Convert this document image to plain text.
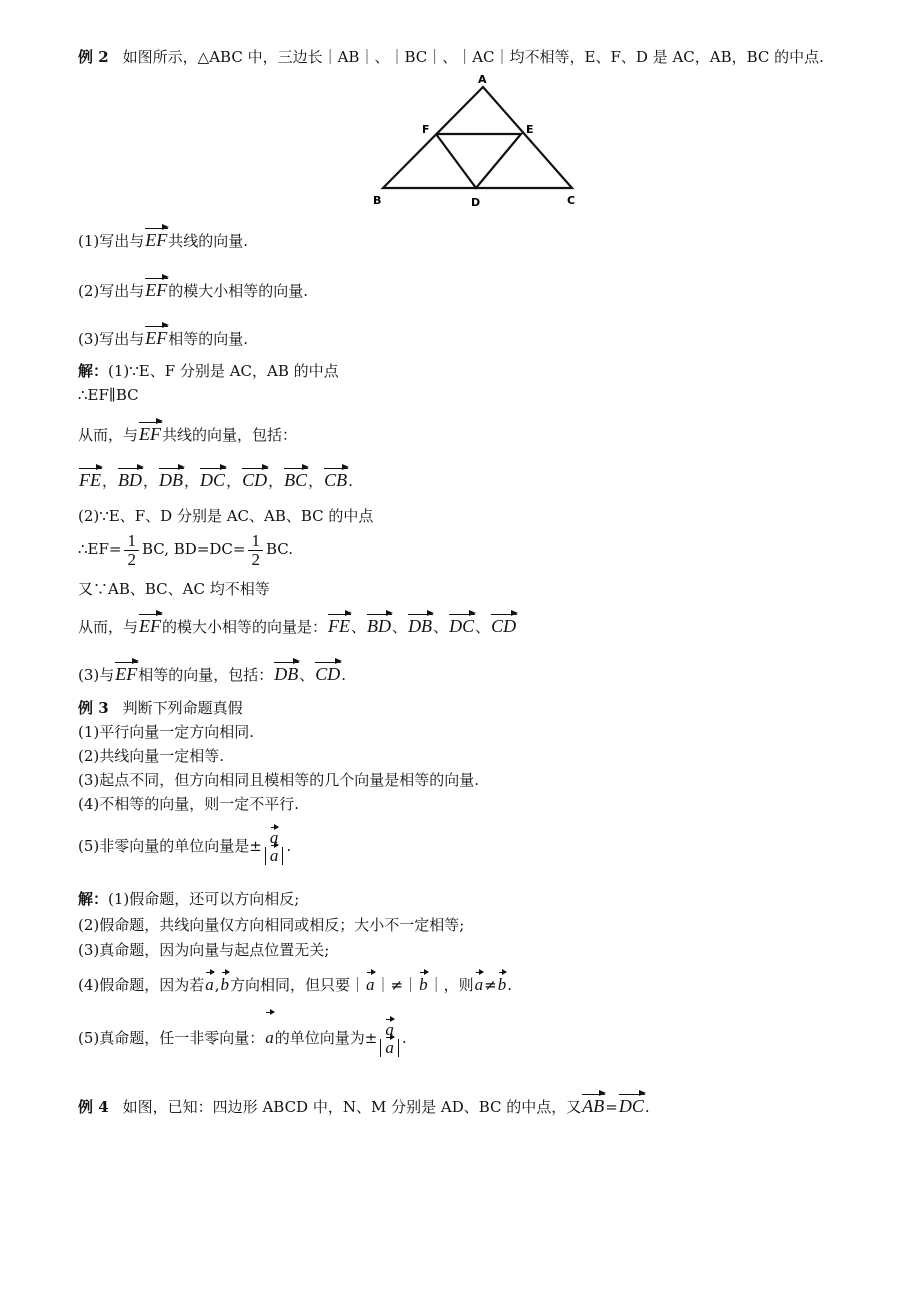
例 2 如图所示，△ABC 中，三边长｜AB｜、｜BC｜、｜AC｜均不相等，E、F、D 是 AC，AB，BC 的中点.
A
F	E
B	D	C
(1)写出与EF共线的向量.
(2)写出与EF的模大小相等的向量.
(3)写出与EF相等的向量.
解：(1)∵E、F 分别是 AC，AB 的中点
∴EF∥BC
从而，与EF共线的向量，包括：
FE，BD，DB，DC，CD，BC，CB.
(2)∵E、F、D 分别是 AC、AB、BC 的中点
∴EF= $\frac{1}{2}$ BC, $BD=DC= \frac{1}{2}$ BC.
又∵AB、BC、AC 均不相等
从而，与EF的模大小相等的向量是：FE、BD、DB、DC、CD
(3)与EF相等的向量，包括：DB、CD.
例 3 判断下列命题真假
(1)平行向量一定方向相同.
(2)共线向量一定相等.
(3)起点不同，但方向相同且模相等的几个向量是相等的向量.
(4)不相等的向量，则一定不平行.
(5)非零向量的单位向量是± a
a .
解：(1)假命题，还可以方向相反;
(2)假命题，共线向量仅方向相同或相反；大小不一定相等;
(3)真命题，因为向量与起点位置无关;
(4)假命题，因为若a,b方向相同，但只要｜a｜≠｜b｜，则a≠b.
(5)真命题，任一非零向量：a的单位向量为± a
a .
例 4 如图，已知：四边形 ABCD 中，N、M 分别是 AD、BC 的中点，又AB=DC.
